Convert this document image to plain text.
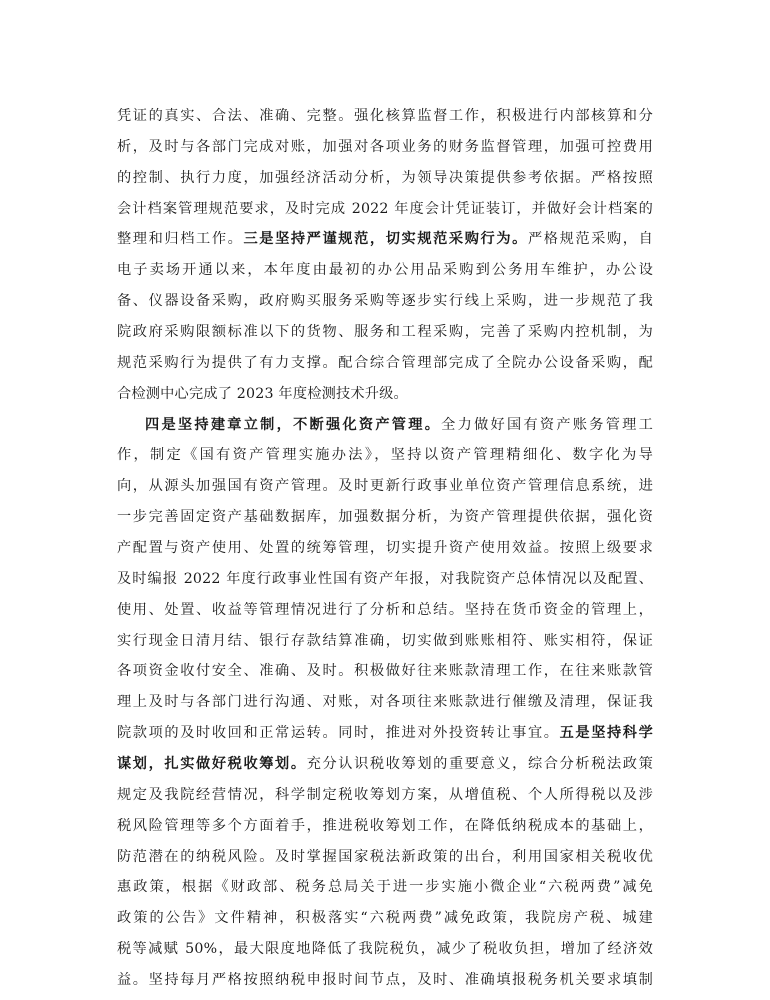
凭证的真实、合法、准确、完整。强化核算监督工作，积极进行内部核算和分
析，及时与各部门完成对账，加强对各项业务的财务监督管理，加强可控费用
的控制、执行力度，加强经济活动分析，为领导决策提供参考依据。严格按照
会计档案管理规范要求，及时完成 2022 年度会计凭证装订，并做好会计档案的
整理和归档工作。三是坚持严谨规范，切实规范采购行为。严格规范采购，自
电子卖场开通以来，本年度由最初的办公用品采购到公务用车维护，办公设
备、仪器设备采购，政府购买服务采购等逐步实行线上采购，进一步规范了我
院政府采购限额标准以下的货物、服务和工程采购，完善了采购内控机制，为
规范采购行为提供了有力支撑。配合综合管理部完成了全院办公设备采购，配
合检测中心完成了 2023 年度检测技术升级。
四是坚持建章立制，不断强化资产管理。全力做好国有资产账务管理工
作，制定《国有资产管理实施办法》，坚持以资产管理精细化、数字化为导
向，从源头加强国有资产管理。及时更新行政事业单位资产管理信息系统，进
一步完善固定资产基础数据库，加强数据分析，为资产管理提供依据，强化资
产配置与资产使用、处置的统筹管理，切实提升资产使用效益。按照上级要求
及时编报 2022 年度行政事业性国有资产年报，对我院资产总体情况以及配置、
使用、处置、收益等管理情况进行了分析和总结。坚持在货币资金的管理上，
实行现金日清月结、银行存款结算准确，切实做到账账相符、账实相符，保证
各项资金收付安全、准确、及时。积极做好往来账款清理工作，在往来账款管
理上及时与各部门进行沟通、对账，对各项往来账款进行催缴及清理，保证我
院款项的及时收回和正常运转。同时，推进对外投资转让事宜。五是坚持科学
谋划，扎实做好税收筹划。充分认识税收筹划的重要意义，综合分析税法政策
规定及我院经营情况，科学制定税收筹划方案，从增值税、个人所得税以及涉
税风险管理等多个方面着手，推进税收筹划工作，在降低纳税成本的基础上，
防范潜在的纳税风险。及时掌握国家税法新政策的出台，利用国家相关税收优
惠政策，根据《财政部、税务总局关于进一步实施小微企业“六税两费”减免
政策的公告》文件精神，积极落实“六税两费”减免政策，我院房产税、城建
税等减赋 50%，最大限度地降低了我院税负，减少了税收负担，增加了经济效
益。坚持每月严格按照纳税申报时间节点，及时、准确填报税务机关要求填制
